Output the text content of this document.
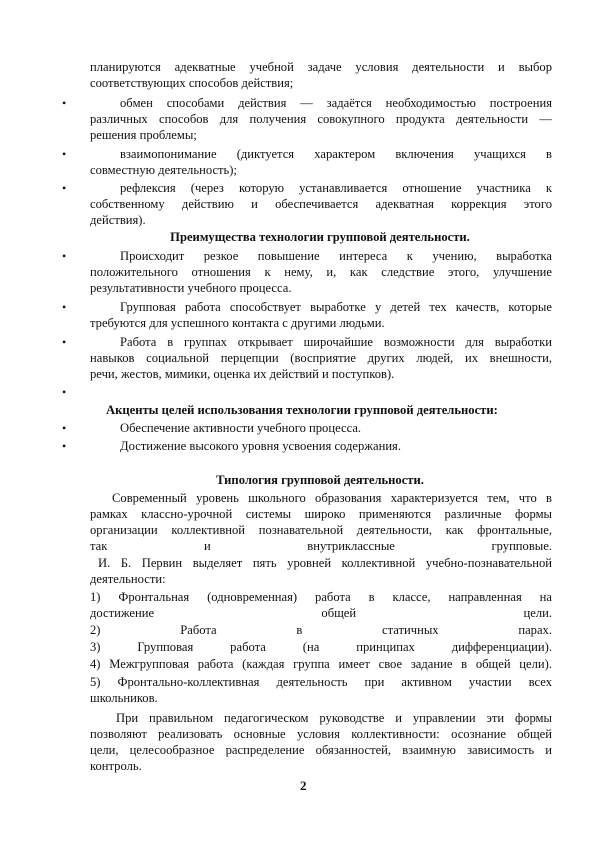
планируются адекватные учебной задаче условия деятельности и выбор
соответствующих способов действия;
•	обмен способами действия — задаётся необходимостью построения
различных способов для получения совокупного продукта деятельности —
решения проблемы;
•	взаимопонимание (диктуется характером включения учащихся в
совместную деятельность);
•	рефлексия (через которую устанавливается отношение участника к
собственному действию и обеспечивается адекватная коррекция этого
действия).
Преимущества технологии групповой деятельности.
•	Происходит резкое повышение интереса к учению, выработка
положительного отношения к нему, и, как следствие этого, улучшение
результативности учебного процесса.
•	Групповая работа способствует выработке у детей тех качеств, которые
требуются для успешного контакта с другими людьми.
•	Работа в группах открывает широчайшие возможности для выработки
навыков социальной перцепции (восприятие других людей, их внешности,
речи, жестов, мимики, оценка их действий и поступков).
•
Акценты целей использования технологии групповой деятельности:
•	Обеспечение активности учебного процесса.
•	Достижение высокого уровня усвоения содержания.
Типология групповой деятельности.
Современный уровень школьного образования характеризуется тем, что в
рамках классно-урочной системы широко применяются различные формы
организации коллективной познавательной деятельности, как фронтальные,
так и внутриклассные групповые.
И. Б. Первин выделяет пять уровней коллективной учебно-познавательной
деятельности:
1) Фронтальная (одновременная) работа в классе, направленная на
достижение общей цели.
2) Работа в статичных парах.
3) Групповая работа (на принципах дифференциации).
4) Межгрупповая работа (каждая группа имеет свое задание в общей цели).
5) Фронтально-коллективная деятельность при активном участии всех
школьников.
При правильном педагогическом руководстве и управлении эти формы
позволяют реализовать основные условия коллективности: осознание общей
цели, целесообразное распределение обязанностей, взаимную зависимость и
контроль.
2
